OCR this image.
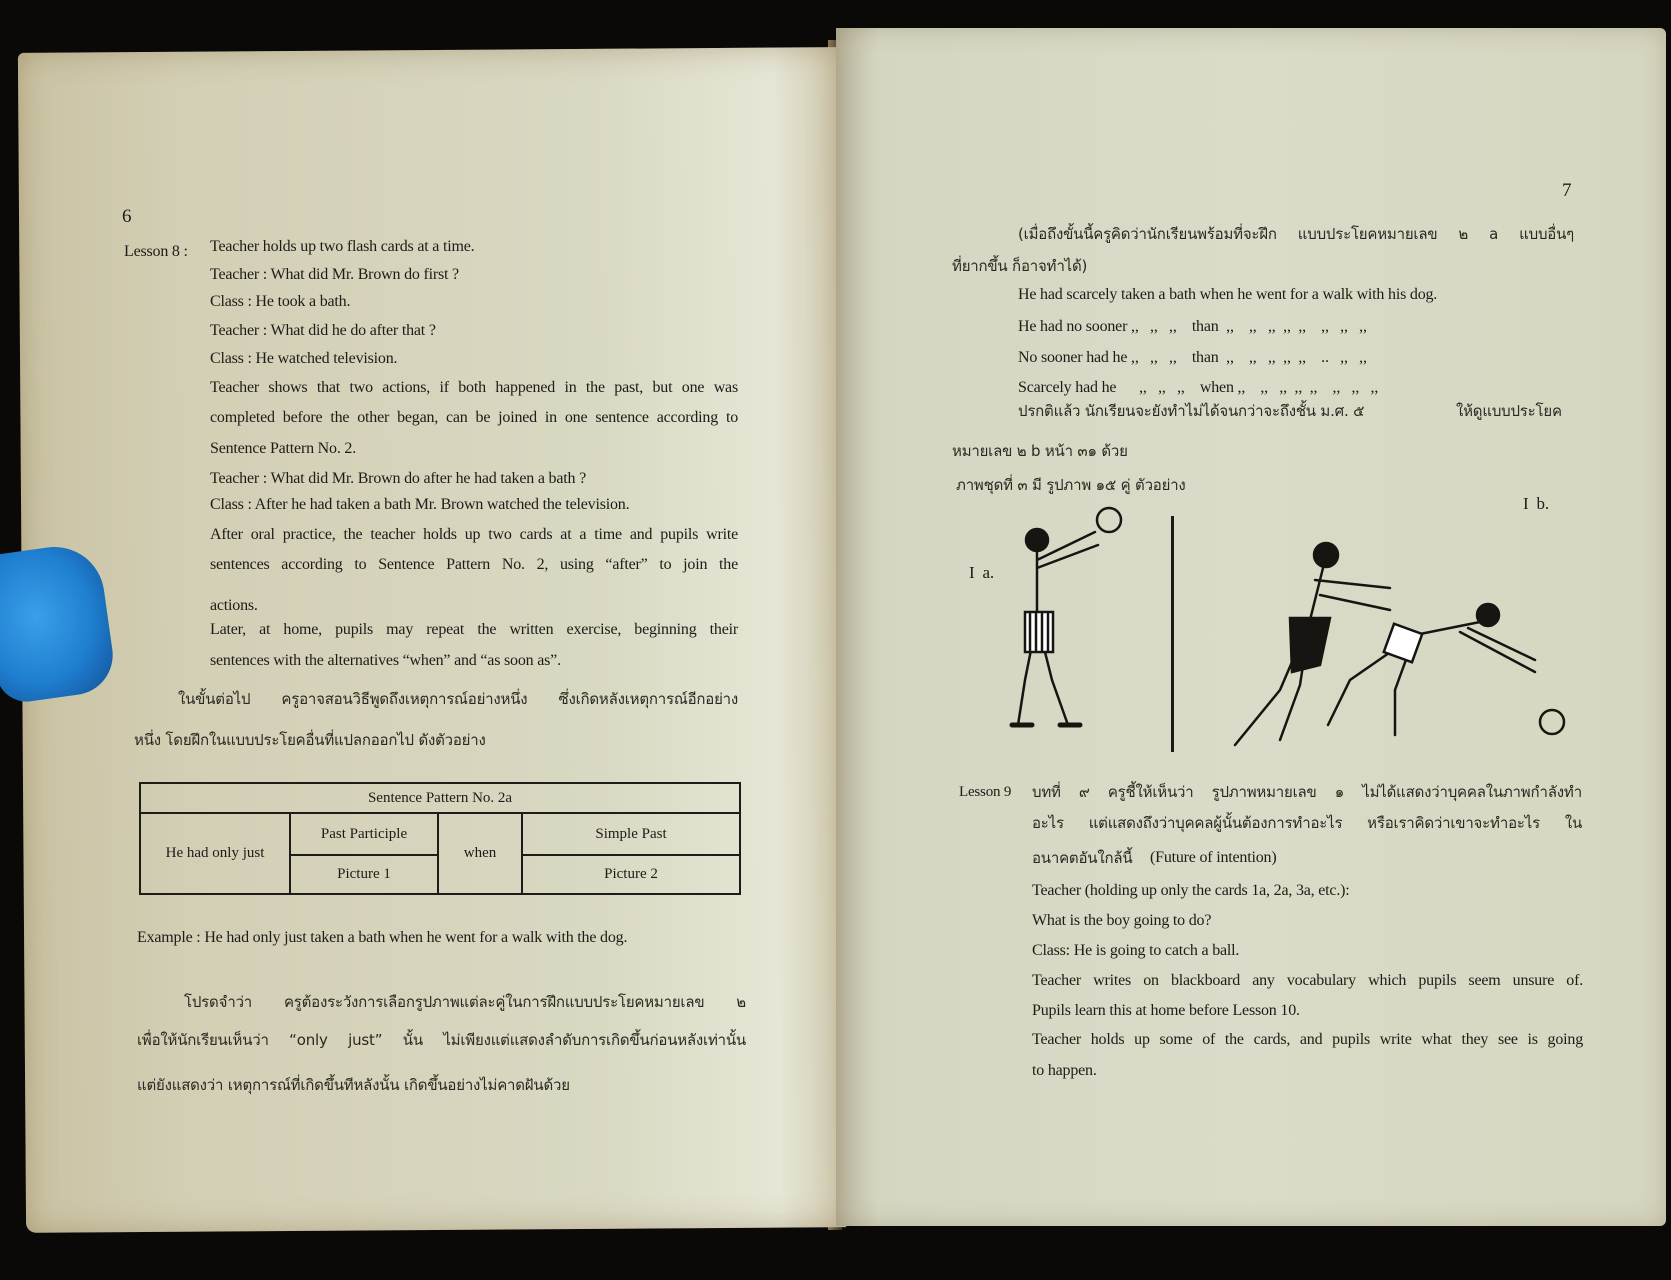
6
Lesson 8 : Teacher holds up two flash cards at a time.
Teacher : What did Mr. Brown do first ?
Class : He took a bath.
Teacher : What did he do after that ?
Class : He watched television.
Teacher shows that two actions, if both happened in the past, but one was
completed before the other began, can be joined in one sentence according to
Sentence Pattern No. 2.
Teacher : What did Mr. Brown do after he had taken a bath ?
Class : After he had taken a bath Mr. Brown watched the television.
After oral practice, the teacher holds up two cards at a time and pupils write
sentences according to Sentence Pattern No. 2, using “after” to join the
actions.
Later, at home, pupils may repeat the written exercise, beginning their
sentences with the alternatives “when” and “as soon as”.
ในขั้นต่อไป ครูอาจสอนวิธีพูดถึงเหตุการณ์อย่างหนึ่ง ซึ่งเกิดหลังเหตุการณ์อีกอย่าง
หนึ่ง โดยฝึกในแบบประโยคอื่นที่แปลกออกไป ดังตัวอย่าง
Sentence Pattern No. 2a			
He had only just	Past Participle	when	Simple Past
	Picture 1		Picture 2
Example : He had only just taken a bath when he went for a walk with the dog.
โปรดจำว่า ครูต้องระวังการเลือกรูปภาพแต่ละคู่ในการฝึกแบบประโยคหมายเลข ๒
เพื่อให้นักเรียนเห็นว่า “only just” นั้น ไม่เพียงแต่แสดงลำดับการเกิดขึ้นก่อนหลังเท่านั้น
แต่ยังแสดงว่า เหตุการณ์ที่เกิดขึ้นทีหลังนั้น เกิดขึ้นอย่างไม่คาดฝันด้วย
7
(เมื่อถึงขั้นนี้ครูคิดว่านักเรียนพร้อมที่จะฝึก แบบประโยคหมายเลข ๒ a แบบอื่นๆ
ที่ยากขึ้น ก็อาจทำได้)
He had scarcely taken a bath when he went for a walk with his dog.
He had no sooner ,,   ,,   ,,    than  ,,    ,,   ,,  ,,  ,,    ,,   ,,   ,,
No sooner had he ,,   ,,   ,,    than  ,,    ,,   ,,  ,,  ,,    ..   ,,   ,,
Scarcely had he      ,,   ,,   ,,    when ,,    ,,   ,,  ,,  ,,    ,,   ,,   ,,
ปรกติแล้ว นักเรียนจะยังทำไม่ได้จนกว่าจะถึงชั้น ม.ศ. ๕	ให้ดูแบบประโยค
หมายเลข ๒ b หน้า ๓๑ ด้วย
ภาพชุดที่ ๓ มี รูปภาพ ๑๕ คู่ ตัวอย่าง
I  b.
I  a.
Lesson 9 บทที่ ๙ ครูชี้ให้เห็นว่า รูปภาพหมายเลข ๑ ไม่ได้แสดงว่าบุคคลในภาพกำลังทำ
อะไร แต่แสดงถึงว่าบุคคลผู้นั้นต้องการทำอะไร หรือเราคิดว่าเขาจะทำอะไร ใน
อนาคตอันใกล้นี้ (Future of intention)
Teacher (holding up only the cards 1a, 2a, 3a, etc.):
What is the boy going to do?
Class: He is going to catch a ball.
Teacher writes on blackboard any vocabulary which pupils seem unsure of.
Pupils learn this at home before Lesson 10.
Teacher holds up some of the cards, and pupils write what they see is going
to happen.
